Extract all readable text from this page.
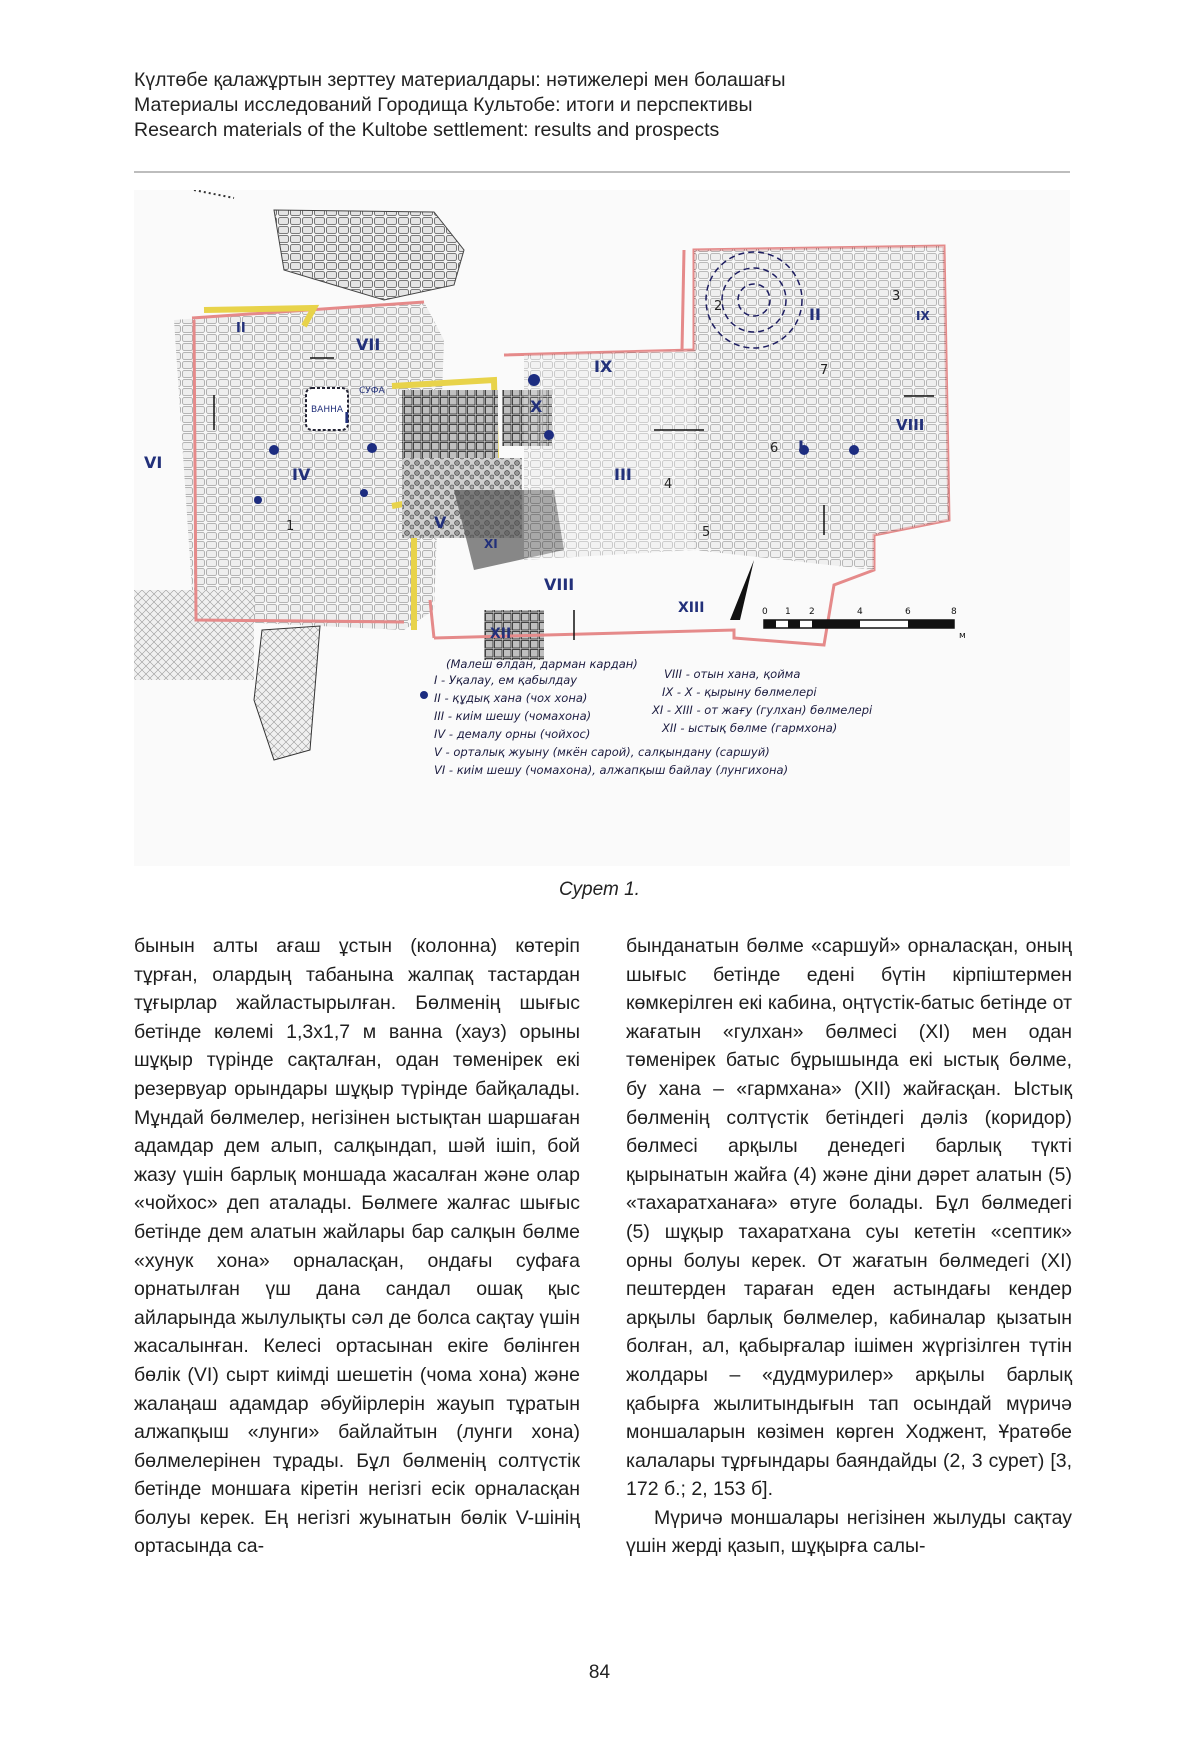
Күлтөбе қалажұртын зерттеу материалдары: нәтижелері мен болашағы
Материалы исследований Городища Культобе: итоги и перспективы
Research materials of the Kultobe settlement: results and prospects
ВАННА
СУФА
VII
II
I
IV
VI
IX
X
III
V
VIII
XI
XII
XIII
II
I
VIII
IX
1
2
3
4
5
6
7
0 1 2	4	6	8
м
(Малеш өлдан, дарман кардан)
I - Уқалау, ем қабылдау
II - құдық хана (чох хона)
III - киім шешу (чомахона)
IV - демалу орны (чойхос)
V - орталық жуыну (мкён сарой), салқындану (саршуй)
VI - киім шешу (чомахона), алжапқыш байлау (лунгихона)
VIII - отын хана, қойма
IX - X - қырыну бөлмелері
XI - XIII - от жағу (гулхан) бөлмелері
XII - ыстық бөлме (гармхона)
Сурет 1.

бынын алты ағаш ұстын (колонна) көтеріп тұрған, олардың табанына жалпақ тастардан тұғырлар жайластырылған. Бөлменің шығыс бетінде көлемі 1,3х1,7 м ванна (хауз) орыны шұқыр түрінде сақталған, одан төменірек екі резервуар орындары шұқыр түрінде байқалады. Мұндай бөлмелер, негізінен ыстықтан шаршаған адамдар дем алып, салқындап, шәй ішіп, бой жазу үшін барлық моншада жасалған және олар «чойхос» деп аталады. Бөлмеге жалғас шығыс бетінде дем алатын жайлары бар салқын бөлме «хунук хона» орналасқан, ондағы суфаға орнатылған үш дана сандал ошақ қыс айларында жылулықты сәл де болса сақтау үшін жасалынған. Келесі ортасынан екіге бөлінген бөлік (VI) сырт киімді шешетін (чома хона) және жалаңаш адамдар әбуйірлерін жауып тұратын алжапқыш «лунги» байлайтын (лунги хона) бөлмелерінен тұрады. Бұл бөлменің солтүстік бетінде моншаға кіретін негізгі есік орналасқан болуы керек. Ең негізгі жуынатын бөлік V-шінің ортасында са-

бынданатын бөлме «саршуй» орналасқан, оның шығыс бетінде едені бүтін кірпіштермен көмкерілген екі кабина, оңтүстік-батыс бетінде от жағатын «гулхан» бөлмесі (XI) мен одан төменірек батыс бұрышында екі ыстық бөлме, бу хана – «гармхана» (XII) жайғасқан. Ыстық бөлменің солтүстік бетіндегі дәліз (коридор) бөлмесі арқылы денедегі барлық түкті қырынатын жайға (4) және діни дәрет алатын (5) «тахаратханаға» өтуге болады. Бұл бөлмедегі (5) шұқыр тахаратхана суы кететін «септик» орны болуы керек. От жағатын бөлмедегі (XI) пештерден тараған еден астындағы кендер арқылы барлық бөлмелер, кабиналар қызатын болған, ал, қабырғалар ішімен жүргізілген түтін жолдары – «дудмурилер» арқылы барлық қабырға жылитындығын тап осындай мүричә моншаларын көзімен көрген Ходжент, Ұратөбе калалары тұрғындары баяндайды (2, 3 сурет) [3, 172 б.; 2, 153 б].

Мүричә моншалары негізінен жылуды сақтау үшін жерді қазып, шұқырға салы-

84
